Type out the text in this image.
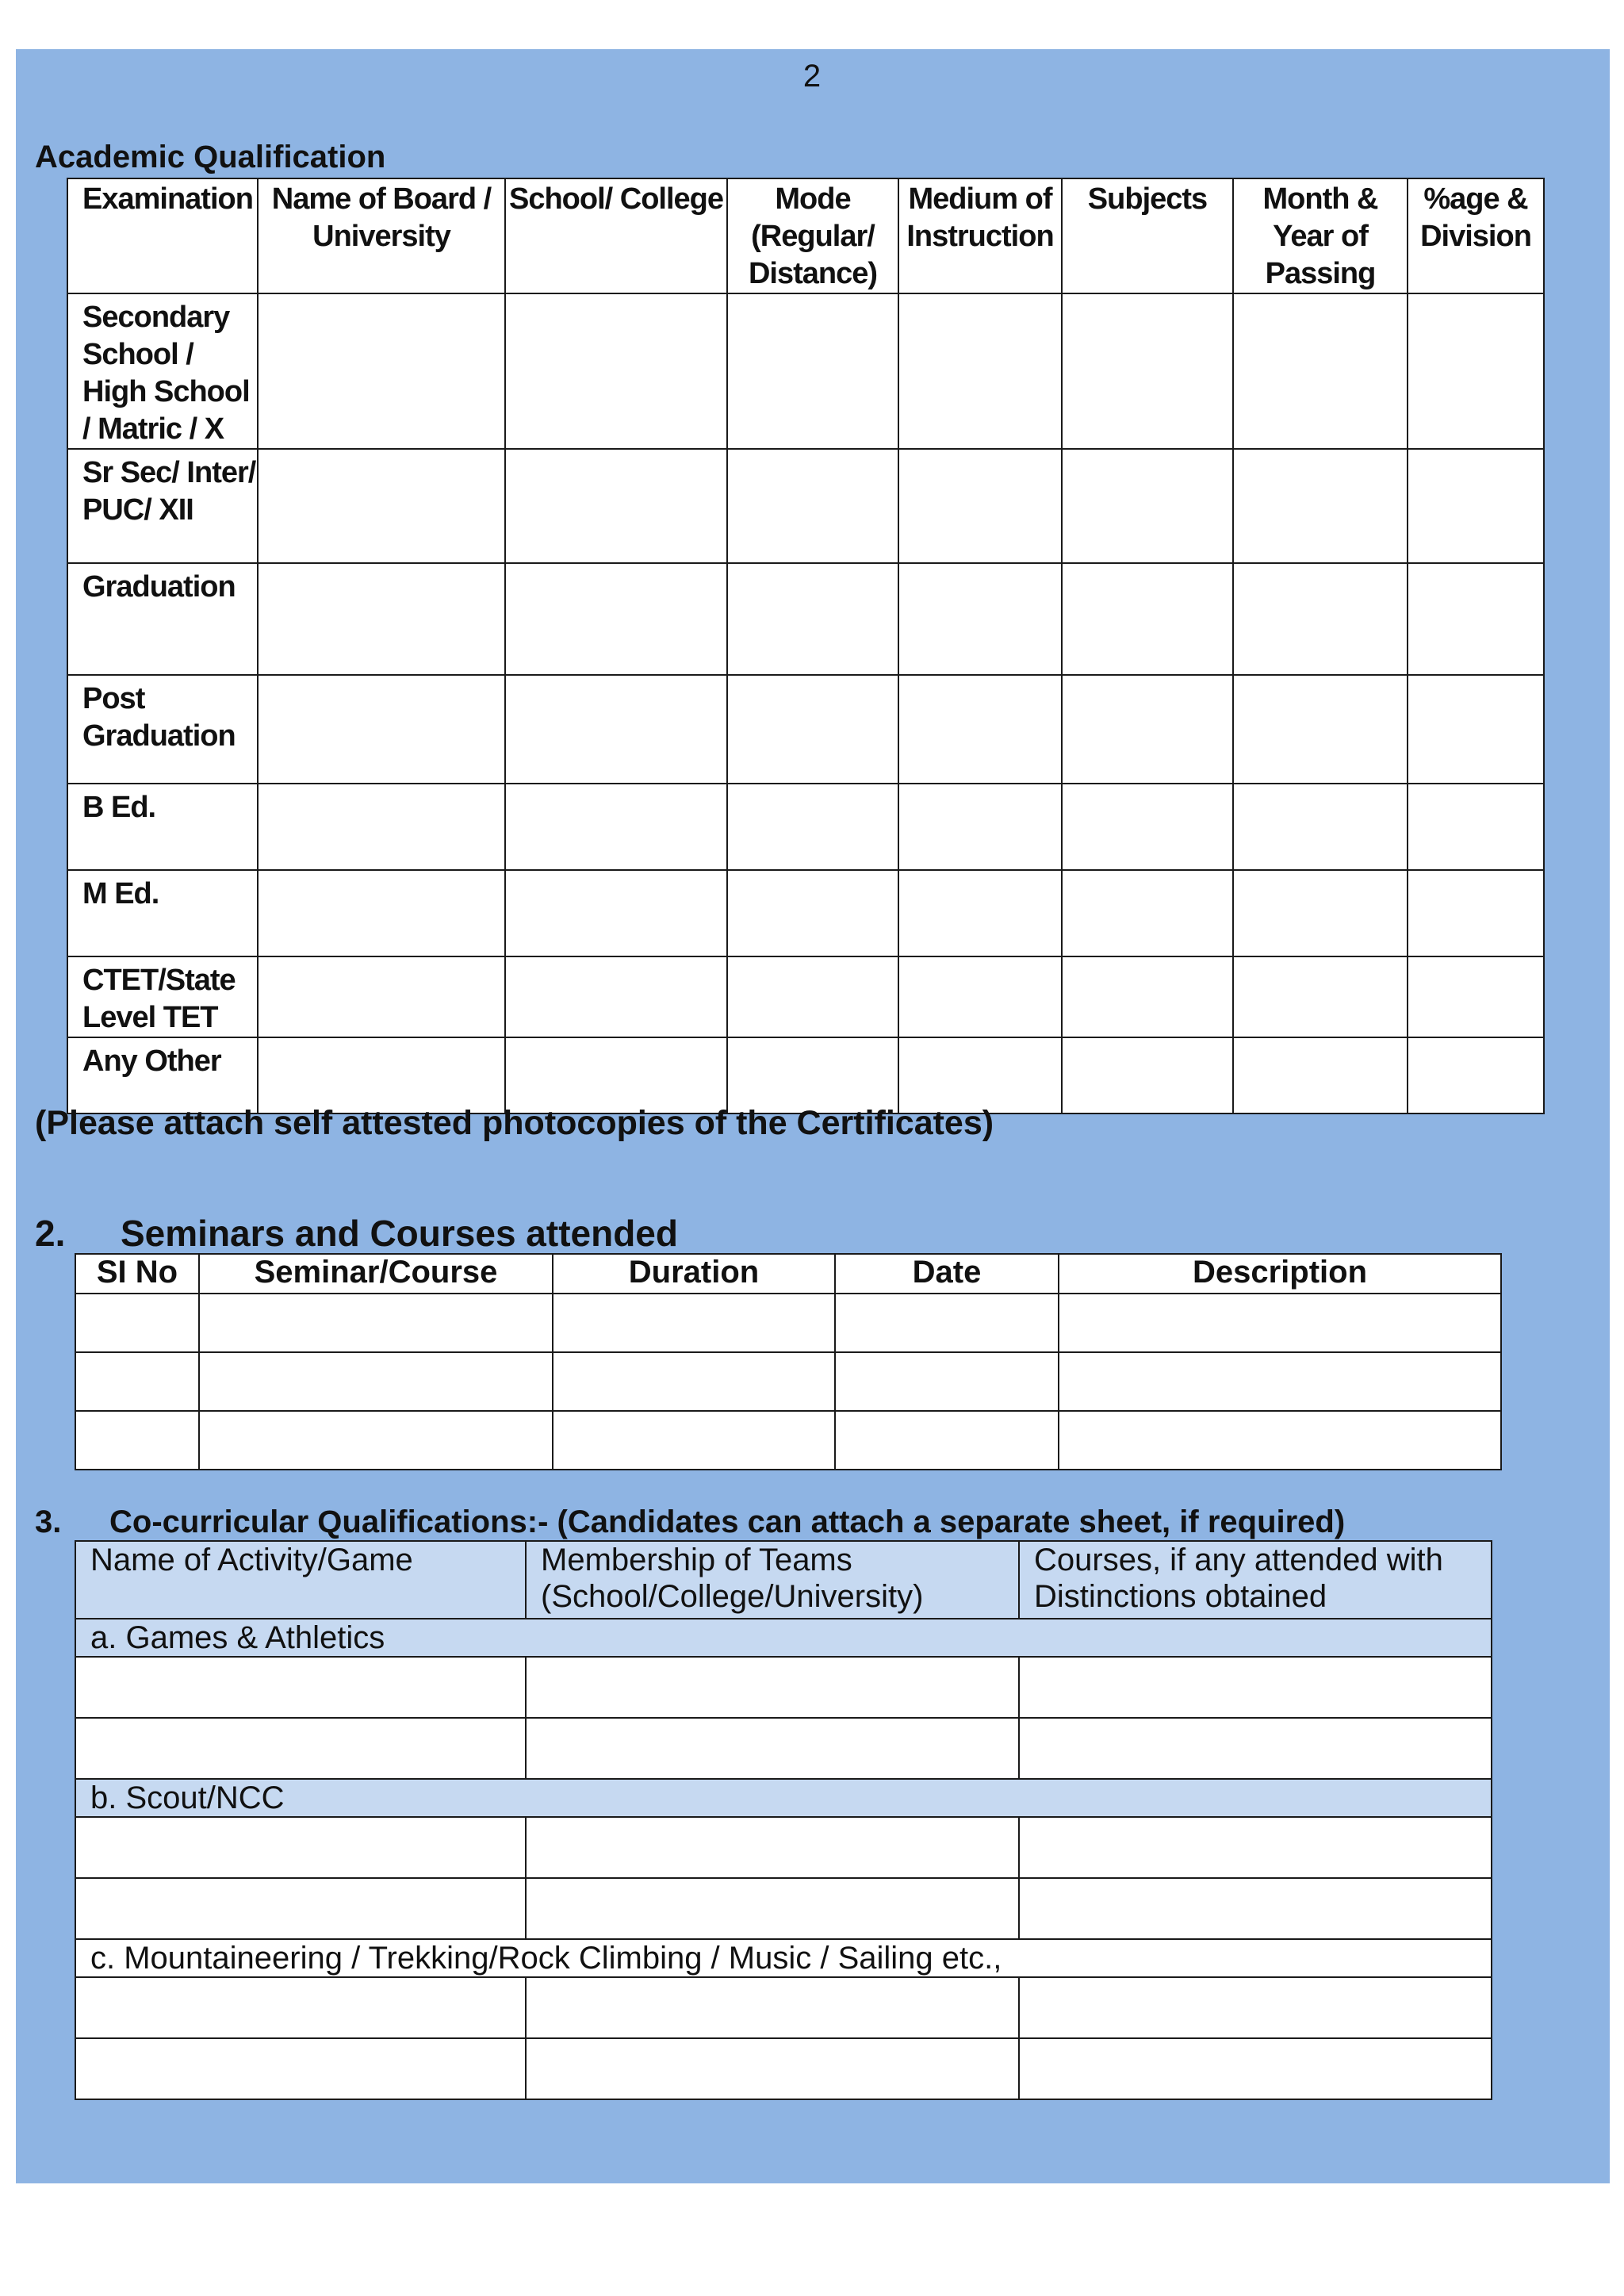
2
Academic Qualification
Examination	Name of Board / University	School/ College	Mode (Regular/ Distance)	Medium of Instruction	Subjects	Month & Year of Passing	%age & Division
Secondary School / High School / Matric / X							
Sr Sec/ Inter/ PUC/ XII							
Graduation							
Post Graduation							
B Ed.							
M Ed.							
CTET/State Level TET							
Any Other							
(Please attach self attested photocopies of the Certificates)
2. Seminars and Courses attended
SI No	Seminar/Course	Duration	Date	Description

3. Co-curricular Qualifications:- (Candidates can attach a separate sheet, if required)
Name of Activity/Game	Membership of Teams (School/College/University)	Courses, if any attended with Distinctions obtained
a. Games & Athletics		

b. Scout/NCC		

c. Mountaineering / Trekking/Rock Climbing / Music / Sailing etc.,		
